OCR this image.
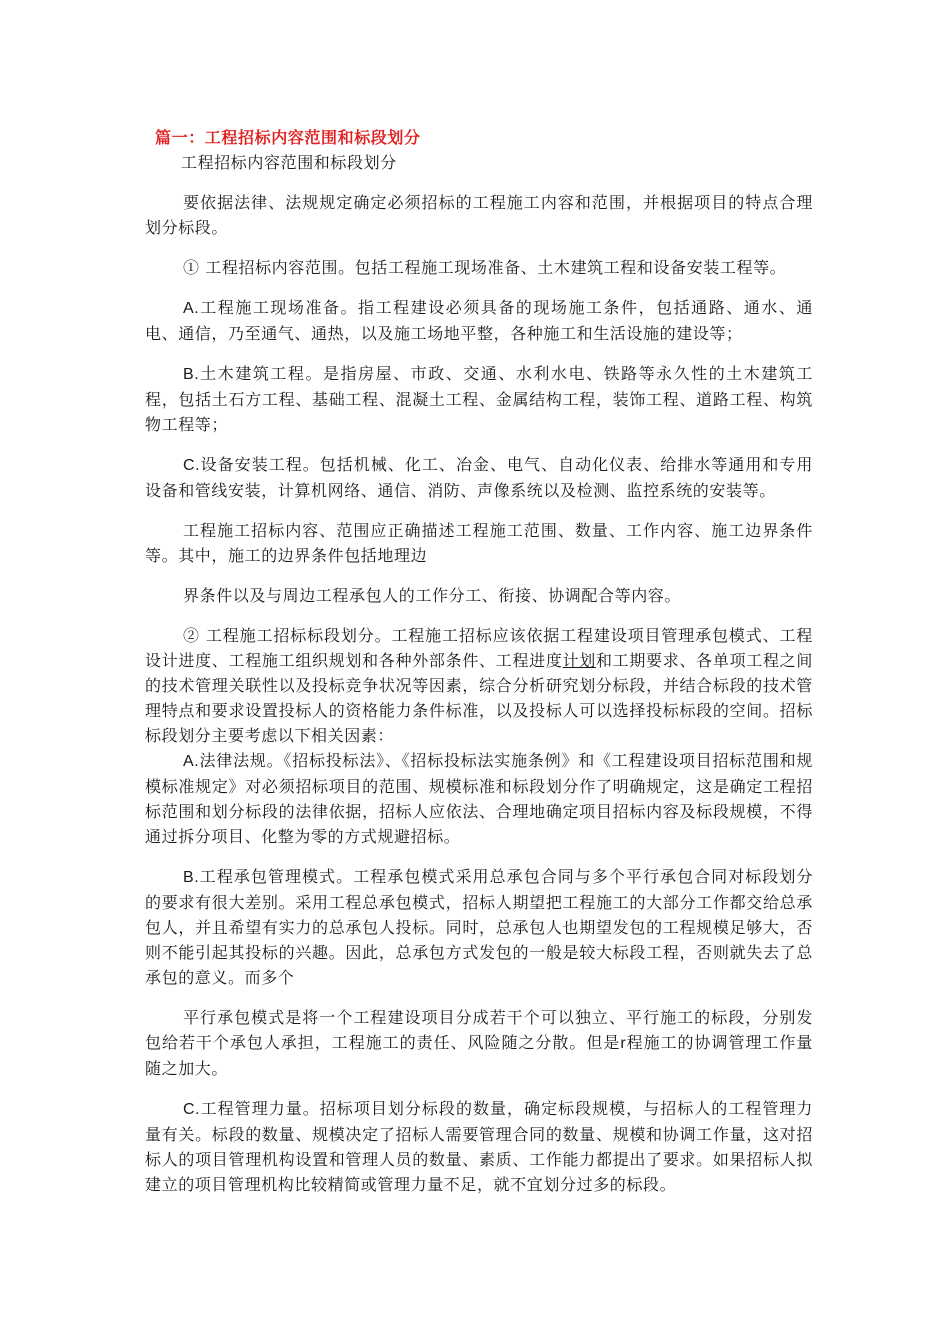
篇一：工程招标内容范围和标段划分
工程招标内容范围和标段划分

要依据法律、法规规定确定必须招标的工程施工内容和范围，并根据项目的特点合理划分标段。

① 工程招标内容范围。包括工程施工现场准备、土木建筑工程和设备安装工程等。

A.工程施工现场准备。指工程建设必须具备的现场施工条件，包括通路、通水、通电、通信，乃至通气、通热，以及施工场地平整，各种施工和生活设施的建设等；

B.土木建筑工程。是指房屋、市政、交通、水利水电、铁路等永久性的土木建筑工程，包括土石方工程、基础工程、混凝土工程、金属结构工程，装饰工程、道路工程、构筑物工程等；

C.设备安装工程。包括机械、化工、冶金、电气、自动化仪表、给排水等通用和专用设备和管线安装，计算机网络、通信、消防、声像系统以及检测、监控系统的安装等。

工程施工招标内容、范围应正确描述工程施工范围、数量、工作内容、施工边界条件等。其中，施工的边界条件包括地理边

界条件以及与周边工程承包人的工作分工、衔接、协调配合等内容。

② 工程施工招标标段划分。工程施工招标应该依据工程建设项目管理承包模式、工程设计进度、工程施工组织规划和各种外部条件、工程进度计划和工期要求、各单项工程之间的技术管理关联性以及投标竞争状况等因素，综合分析研究划分标段，并结合标段的技术管理特点和要求设置投标人的资格能力条件标准，以及投标人可以选择投标标段的空间。招标标段划分主要考虑以下相关因素：

A.法律法规。《招标投标法》、《招标投标法实施条例》和《工程建设项目招标范围和规模标准规定》对必须招标项目的范围、规模标准和标段划分作了明确规定，这是确定工程招标范围和划分标段的法律依据，招标人应依法、合理地确定项目招标内容及标段规模，不得通过拆分项目、化整为零的方式规避招标。

B.工程承包管理模式。工程承包模式采用总承包合同与多个平行承包合同对标段划分的要求有很大差别。采用工程总承包模式，招标人期望把工程施工的大部分工作都交给总承包人，并且希望有实力的总承包人投标。同时，总承包人也期望发包的工程规模足够大，否则不能引起其投标的兴趣。因此，总承包方式发包的一般是较大标段工程，否则就失去了总承包的意义。而多个

平行承包模式是将一个工程建设项目分成若干个可以独立、平行施工的标段，分别发包给若干个承包人承担，工程施工的责任、风险随之分散。但是r程施工的协调管理工作量随之加大。

C.工程管理力量。招标项目划分标段的数量，确定标段规模，与招标人的工程管理力量有关。标段的数量、规模决定了招标人需要管理合同的数量、规模和协调工作量，这对招标人的项目管理机构设置和管理人员的数量、素质、工作能力都提出了要求。如果招标人拟建立的项目管理机构比较精简或管理力量不足，就不宜划分过多的标段。
